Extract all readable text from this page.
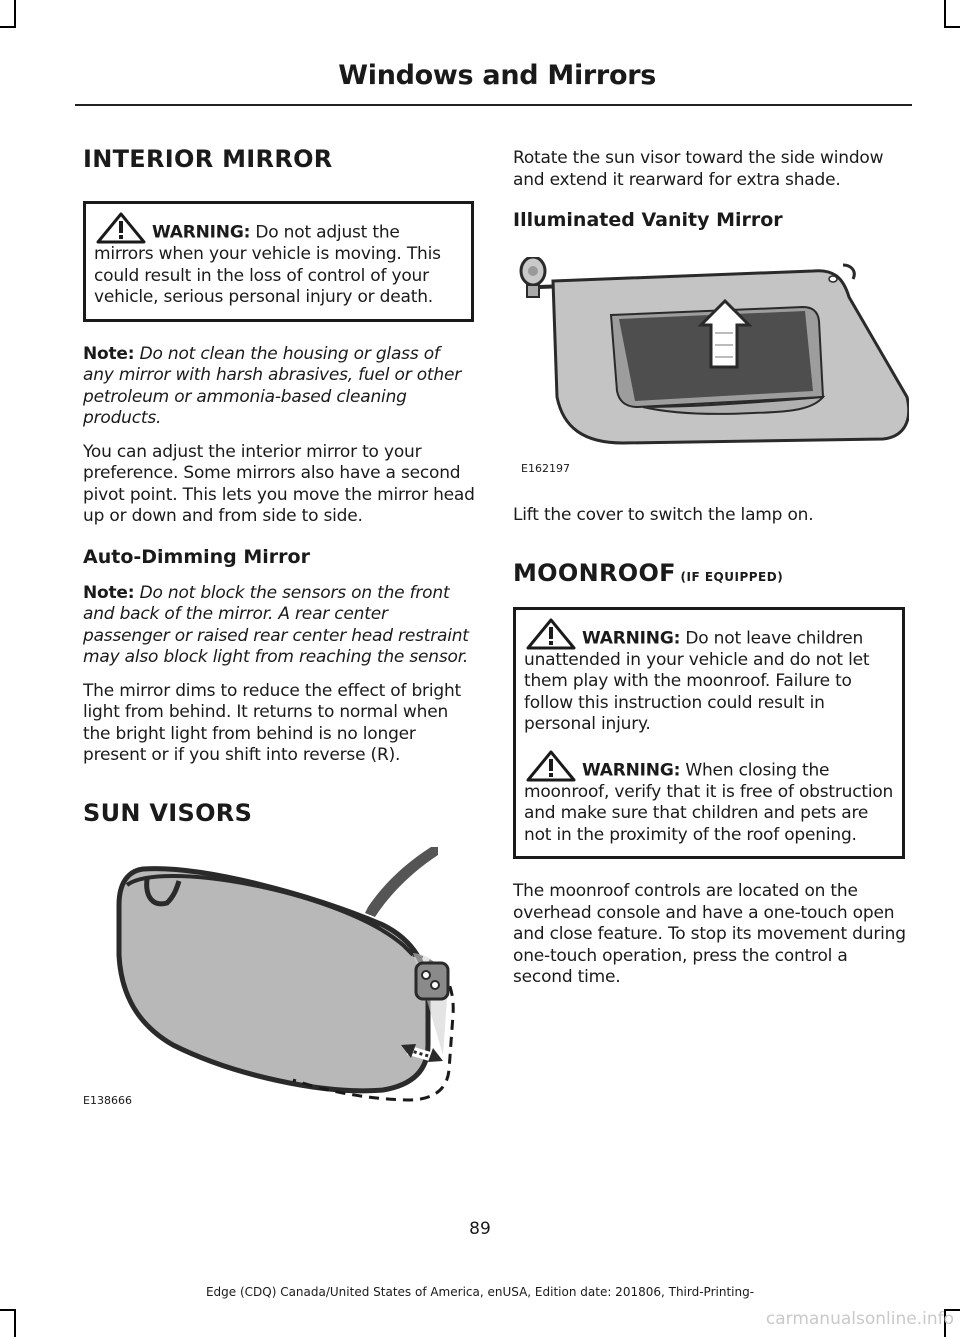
Windows and Mirrors
INTERIOR MIRROR

WARNING: Do not adjust the mirrors when your vehicle is moving. This could result in the loss of control of your vehicle, serious personal injury or death.

Note: Do not clean the housing or glass of any mirror with harsh abrasives, fuel or other petroleum or ammonia-based cleaning products.

You can adjust the interior mirror to your preference. Some mirrors also have a second pivot point. This lets you move the mirror head up or down and from side to side.

Auto-Dimming Mirror

Note: Do not block the sensors on the front and back of the mirror. A rear center passenger or raised rear center head restraint may also block light from reaching the sensor.

The mirror dims to reduce the effect of bright light from behind. It returns to normal when the bright light from behind is no longer present or if you shift into reverse (R).

SUN VISORS
E138666

Rotate the sun visor toward the side window and extend it rearward for extra shade.

Illuminated Vanity Mirror
E162197

Lift the cover to switch the lamp on.

MOONROOF (IF EQUIPPED)

WARNING: Do not leave children unattended in your vehicle and do not let them play with the moonroof. Failure to follow this instruction could result in personal injury.

WARNING: When closing the moonroof, verify that it is free of obstruction and make sure that children and pets are not in the proximity of the roof opening.

The moonroof controls are located on the overhead console and have a one-touch open and close feature. To stop its movement during one-touch operation, press the control a second time.

89
Edge (CDQ) Canada/United States of America, enUSA, Edition date: 201806, Third-Printing-
carmanualsonline.info
